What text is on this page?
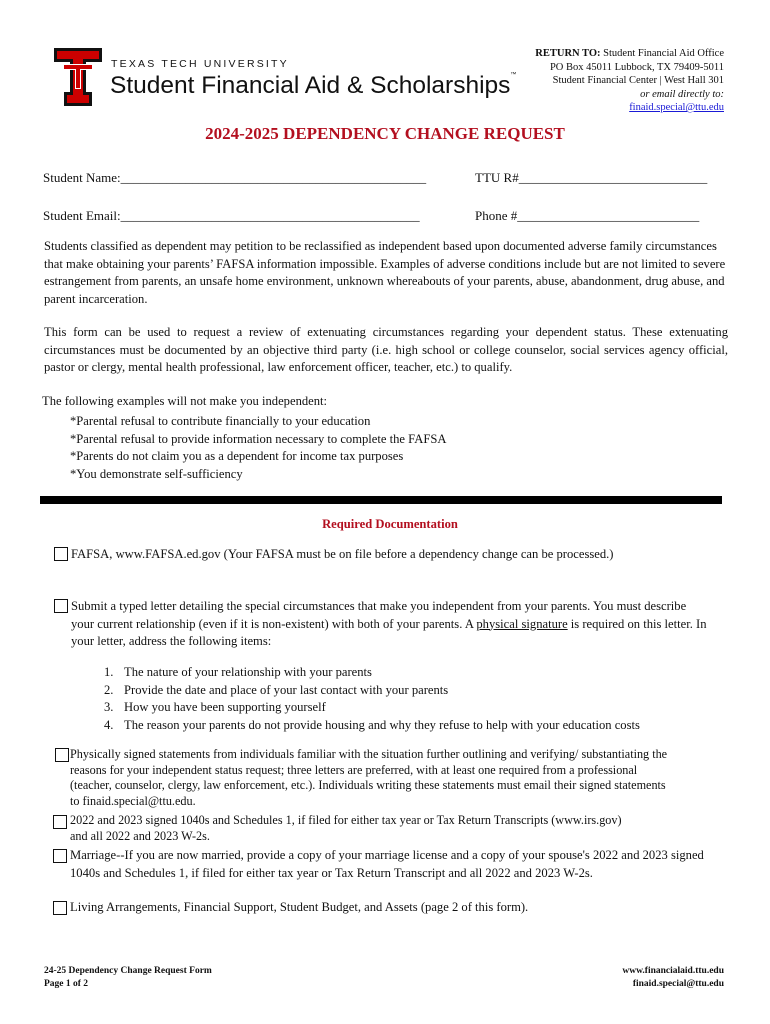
TEXAS TECH UNIVERSITY
Student Financial Aid & Scholarships™
RETURN TO: Student Financial Aid Office
PO Box 45011 Lubbock, TX 79409-5011
Student Financial Center | West Hall 301
or email directly to:
finaid.special@ttu.edu
2024-2025 DEPENDENCY CHANGE REQUEST
Student Name:_______________________________________________	TTU R#_____________________________
Student Email:______________________________________________	Phone #____________________________
Students classified as dependent may petition to be reclassified as independent based upon documented adverse family circumstances that make obtaining your parents’ FAFSA information impossible. Examples of adverse conditions include but are not limited to severe estrangement from parents, an unsafe home environment, unknown whereabouts of your parents, abuse, abandonment, drug abuse, and parent incarceration.
This form can be used to request a review of extenuating circumstances regarding your dependent status. These extenuating circumstances must be documented by an objective third party (i.e. high school or college counselor, social services agency official, pastor or clergy, mental health professional, law enforcement officer, teacher, etc.) to qualify.
The following examples will not make you independent:
*Parental refusal to contribute financially to your education
*Parental refusal to provide information necessary to complete the FAFSA
*Parents do not claim you as a dependent for income tax purposes
*You demonstrate self-sufficiency
Required Documentation
FAFSA, www.FAFSA.ed.gov (Your FAFSA must be on file before a dependency change can be processed.)
Submit a typed letter detailing the special circumstances that make you independent from your parents. You must describe your current relationship (even if it is non-existent) with both of your parents. A physical signature is required on this letter. In your letter, address the following items:
1. The nature of your relationship with your parents
2. Provide the date and place of your last contact with your parents
3. How you have been supporting yourself
4. The reason your parents do not provide housing and why they refuse to help with your education costs
Physically signed statements from individuals familiar with the situation further outlining and verifying/ substantiating the reasons for your independent status request; three letters are preferred, with at least one required from a professional (teacher, counselor, clergy, law enforcement, etc.). Individuals writing these statements must email their signed statements to finaid.special@ttu.edu.
2022 and 2023 signed 1040s and Schedules 1, if filed for either tax year or Tax Return Transcripts (www.irs.gov) and all 2022 and 2023 W-2s.
Marriage--If you are now married, provide a copy of your marriage license and a copy of your spouse's 2022 and 2023 signed 1040s and Schedules 1, if filed for either tax year or Tax Return Transcript and all 2022 and 2023 W-2s.
Living Arrangements, Financial Support, Student Budget, and Assets (page 2 of this form).
24-25 Dependency Change Request Form
Page 1 of 2
www.financialaid.ttu.edu
finaid.special@ttu.edu
